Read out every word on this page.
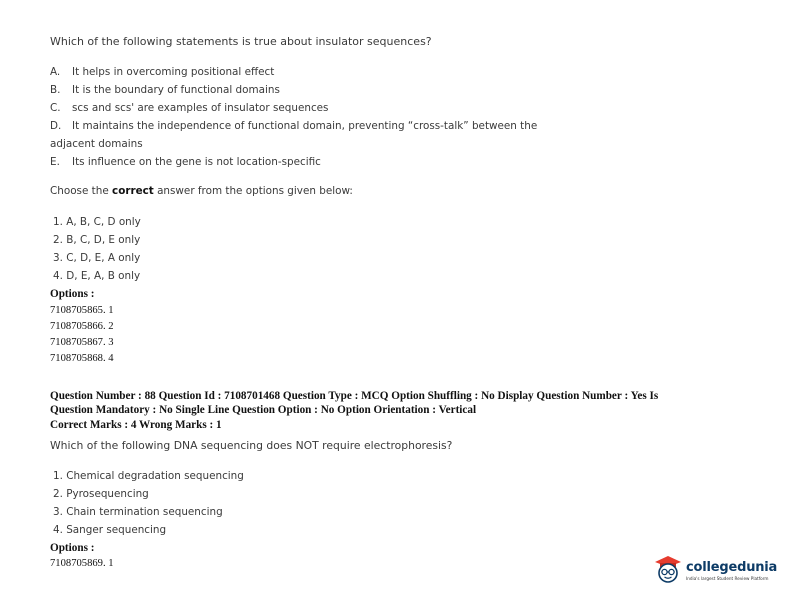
Which of the following statements is true about insulator sequences?
A. It helps in overcoming positional effect
B. It is the boundary of functional domains
C. scs and scs' are examples of insulator sequences
D. It maintains the independence of functional domain, preventing “cross-talk” between the
adjacent domains
E. Its influence on the gene is not location-specific
Choose the correct answer from the options given below:
1. A, B, C, D only
2. B, C, D, E only
3. C, D, E, A only
4. D, E, A, B only
Options :
7108705865. 1
7108705866. 2
7108705867. 3
7108705868. 4
Question Number : 88 Question Id : 7108701468 Question Type : MCQ Option Shuffling : No Display Question Number : Yes Is
Question Mandatory : No Single Line Question Option : No Option Orientation : Vertical
Correct Marks : 4 Wrong Marks : 1
Which of the following DNA sequencing does NOT require electrophoresis?
1. Chemical degradation sequencing
2. Pyrosequencing
3. Chain termination sequencing
4. Sanger sequencing
Options :
7108705869. 1	collegedunia
India's largest Student Review Platform
